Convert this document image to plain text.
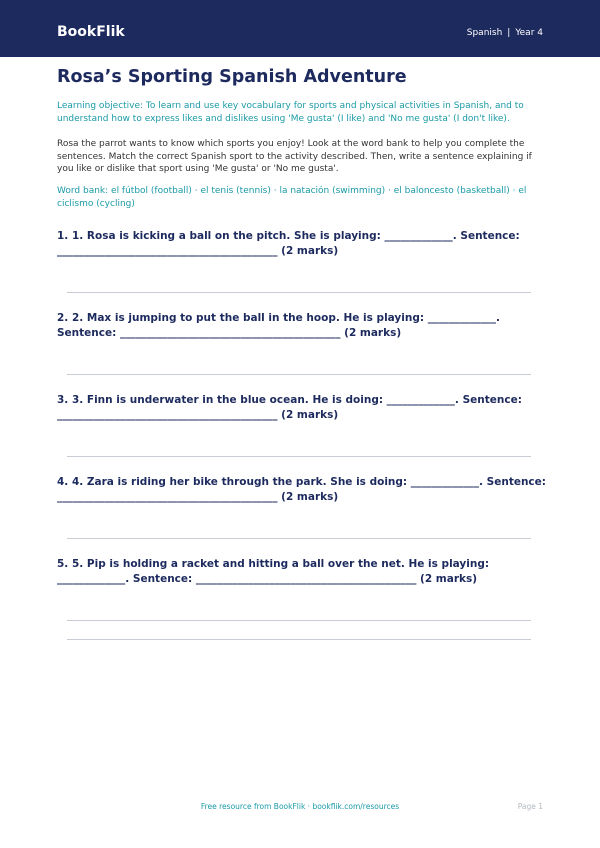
BookFlik	Spanish | Year 4
Rosa’s Sporting Spanish Adventure

Learning objective: To learn and use key vocabulary for sports and physical activities in Spanish, and to understand how to express likes and dislikes using 'Me gusta' (I like) and 'No me gusta' (I don't like).

Rosa the parrot wants to know which sports you enjoy! Look at the word bank to help you complete the sentences. Match the correct Spanish sport to the activity described. Then, write a sentence explaining if you like or dislike that sport using 'Me gusta' or 'No me gusta'.

Word bank: el fútbol (football) · el tenis (tennis) · la natación (swimming) · el baloncesto (basketball) · el ciclismo (cycling)

1. 1. Rosa is kicking a ball on the pitch. She is playing: _____________. Sentence: __________________________________________ (2 marks)

2. 2. Max is jumping to put the ball in the hoop. He is playing: _____________. Sentence: __________________________________________ (2 marks)

3. 3. Finn is underwater in the blue ocean. He is doing: _____________. Sentence: __________________________________________ (2 marks)

4. 4. Zara is riding her bike through the park. She is doing: _____________. Sentence: __________________________________________ (2 marks)

5. 5. Pip is holding a racket and hitting a ball over the net. He is playing: _____________. Sentence: __________________________________________ (2 marks)

Free resource from BookFlik · bookflik.com/resources	Page 1
